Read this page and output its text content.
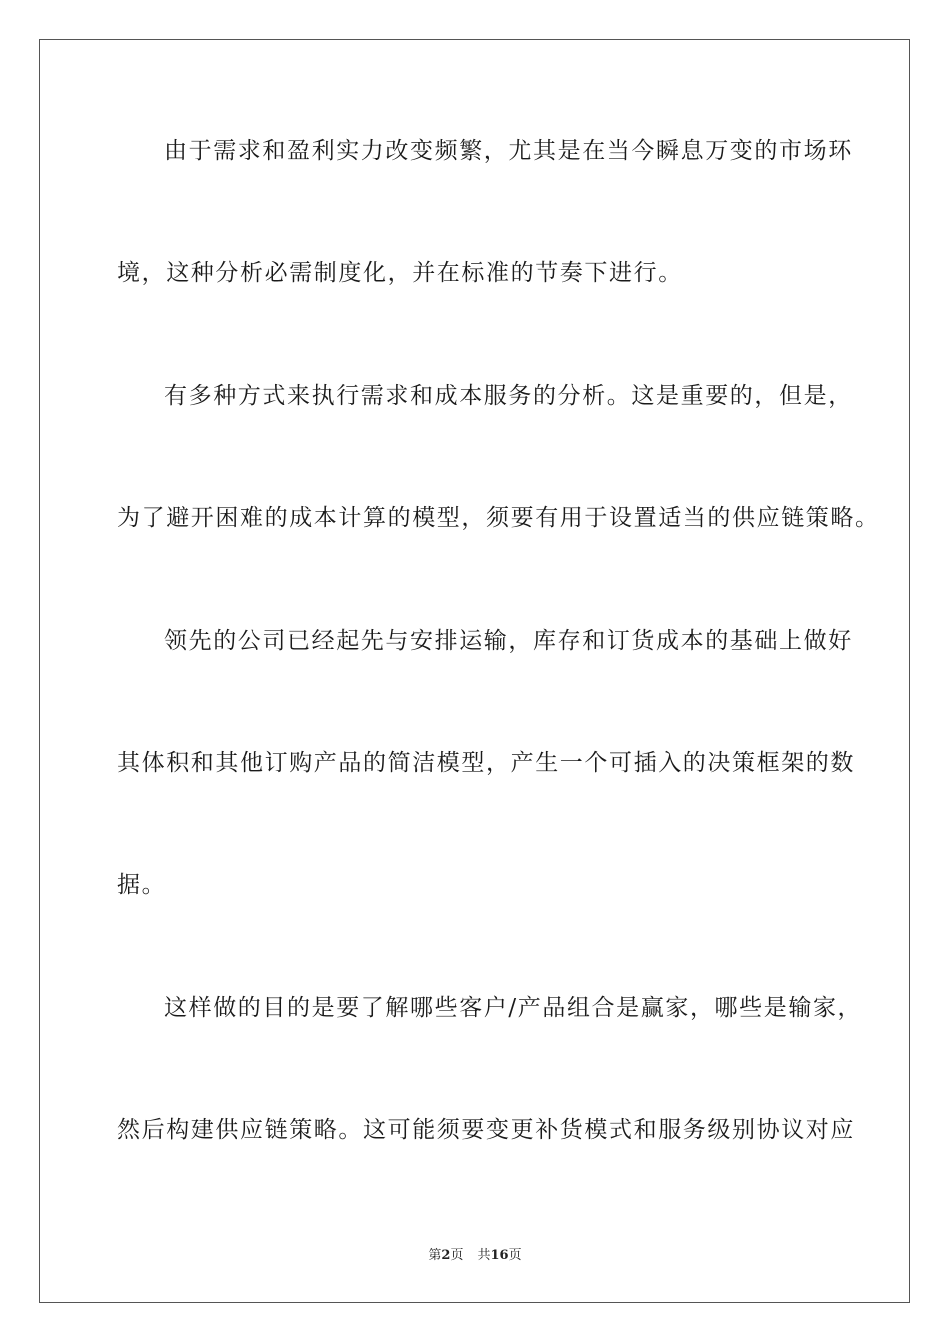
由于需求和盈利实力改变频繁，尤其是在当今瞬息万变的市场环
境，这种分析必需制度化，并在标准的节奏下进行。
有多种方式来执行需求和成本服务的分析。这是重要的，但是，
为了避开困难的成本计算的模型，须要有用于设置适当的供应链策略。
领先的公司已经起先与安排运输，库存和订货成本的基础上做好
其体积和其他订购产品的简洁模型，产生一个可插入的决策框架的数
据。
这样做的目的是要了解哪些客户/产品组合是赢家，哪些是输家，
然后构建供应链策略。这可能须要变更补货模式和服务级别协议对应
第2页 共16页
